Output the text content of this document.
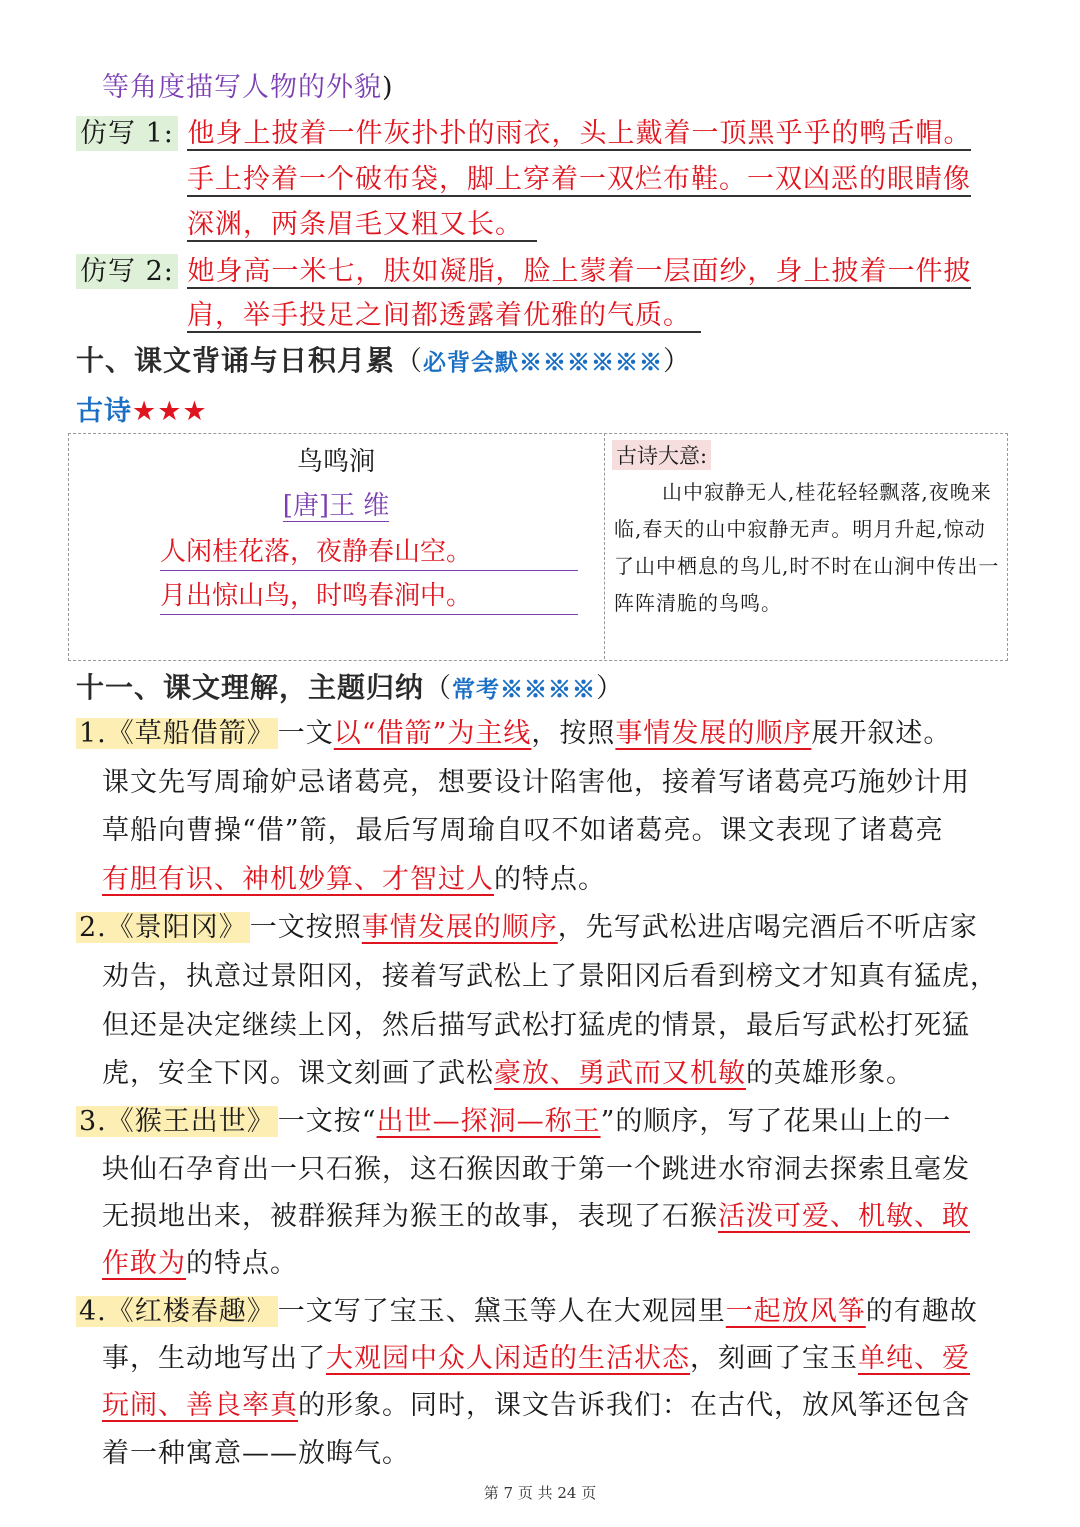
等角度描写人物的外貌)
仿写 1: 他身上披着一件灰扑扑的雨衣，头上戴着一顶黑乎乎的鸭舌帽。
手上拎着一个破布袋，脚上穿着一双烂布鞋。一双凶恶的眼睛像
深渊，两条眉毛又粗又长。
仿写 2: 她身高一米七，肤如凝脂，脸上蒙着一层面纱，身上披着一件披
肩，举手投足之间都透露着优雅的气质。
十、课文背诵与日积月累（必背会默※※※※※※）
古诗★★★
鸟鸣涧
[唐]王 维
人闲桂花落，夜静春山空。
月出惊山鸟，时鸣春涧中。
古诗大意:
山中寂静无人,桂花轻轻飘落,夜晚来临,春天的山中寂静无声。明月升起,惊动了山中栖息的鸟儿,时不时在山涧中传出一阵阵清脆的鸟鸣。
十一、课文理解，主题归纳（常考※※※※）
1.《草船借箭》 一文以“借箭”为主线，按照事情发展的顺序展开叙述。
课文先写周瑜妒忌诸葛亮，想要设计陷害他，接着写诸葛亮巧施妙计用
草船向曹操“借”箭，最后写周瑜自叹不如诸葛亮。课文表现了诸葛亮
有胆有识、神机妙算、才智过人的特点。
2.《景阳冈》 一文按照事情发展的顺序，先写武松进店喝完酒后不听店家
劝告，执意过景阳冈，接着写武松上了景阳冈后看到榜文才知真有猛虎，
但还是决定继续上冈，然后描写武松打猛虎的情景，最后写武松打死猛
虎，安全下冈。课文刻画了武松豪放、勇武而又机敏的英雄形象。
3.《猴王出世》 一文按“出世—探洞—称王”的顺序，写了花果山上的一
块仙石孕育出一只石猴，这石猴因敢于第一个跳进水帘洞去探索且毫发
无损地出来，被群猴拜为猴王的故事，表现了石猴活泼可爱、机敏、敢
作敢为的特点。
4.《红楼春趣》 一文写了宝玉、黛玉等人在大观园里一起放风筝的有趣故
事，生动地写出了大观园中众人闲适的生活状态，刻画了宝玉单纯、爱
玩闹、善良率真的形象。同时，课文告诉我们：在古代，放风筝还包含
着一种寓意——放晦气。
第 7 页 共 24 页
